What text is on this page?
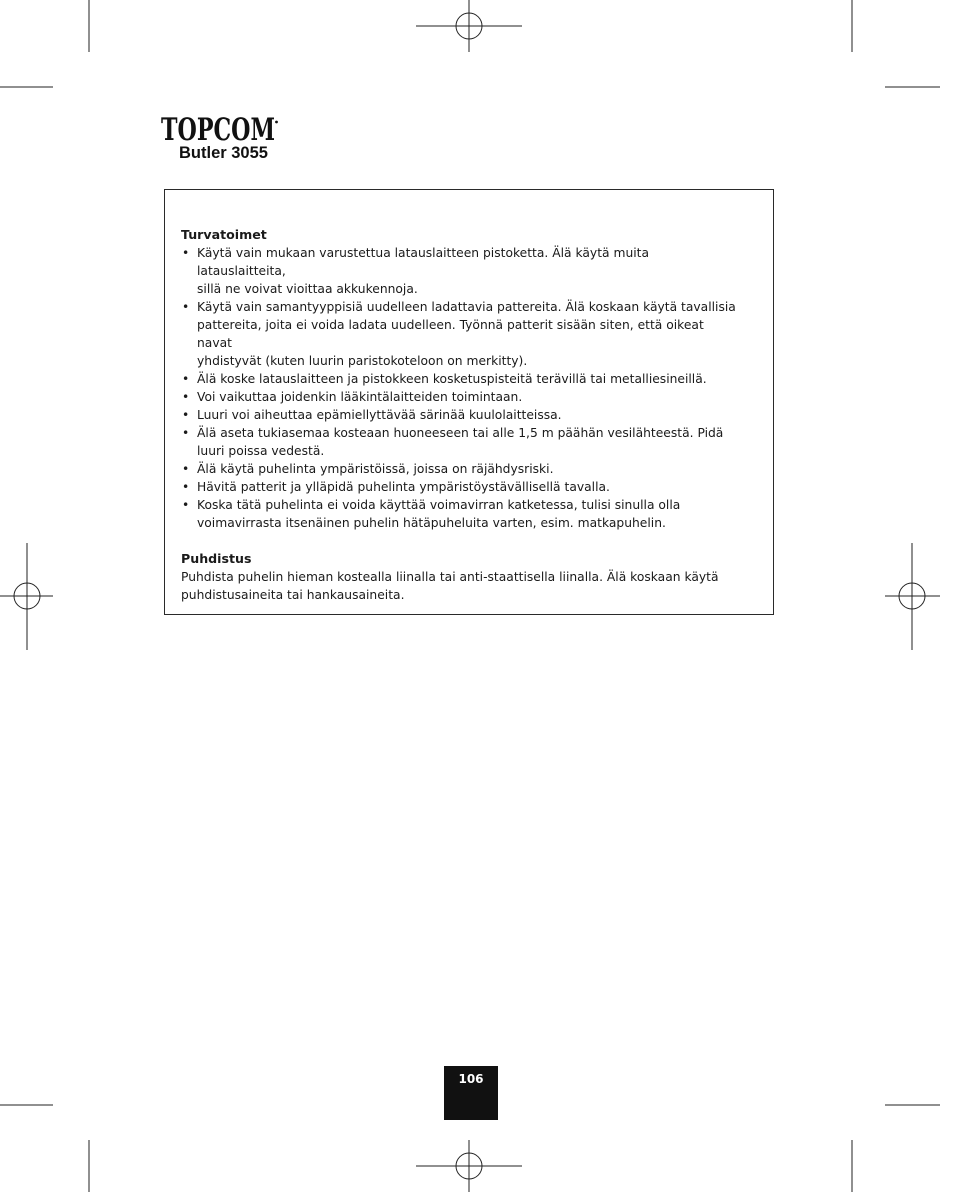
TOPCOM
Butler 3055

Turvatoimet

• Käytä vain mukaan varustettua latauslaitteen pistoketta. Älä käytä muita latauslaitteita,
sillä ne voivat vioittaa akkukennoja.
• Käytä vain samantyyppisiä uudelleen ladattavia pattereita. Älä koskaan käytä tavallisia
pattereita, joita ei voida ladata uudelleen. Työnnä patterit sisään siten, että oikeat navat
yhdistyvät (kuten luurin paristokoteloon on merkitty).
• Älä koske latauslaitteen ja pistokkeen kosketuspisteitä terävillä tai metalliesineillä.
• Voi vaikuttaa joidenkin lääkintälaitteiden toimintaan.
• Luuri voi aiheuttaa epämiellyttävää särinää kuulolaitteissa.
• Älä aseta tukiasemaa kosteaan huoneeseen tai alle 1,5 m päähän vesilähteestä. Pidä
luuri poissa vedestä.
• Älä käytä puhelinta ympäristöissä, joissa on räjähdysriski.
• Hävitä patterit ja ylläpidä puhelinta ympäristöystävällisellä tavalla.
• Koska tätä puhelinta ei voida käyttää voimavirran katketessa, tulisi sinulla olla
voimavirrasta itsenäinen puhelin hätäpuheluita varten, esim. matkapuhelin.

Puhdistus

Puhdista puhelin hieman kostealla liinalla tai anti-staattisella liinalla. Älä koskaan käytä
puhdistusaineita tai hankausaineita.

106
